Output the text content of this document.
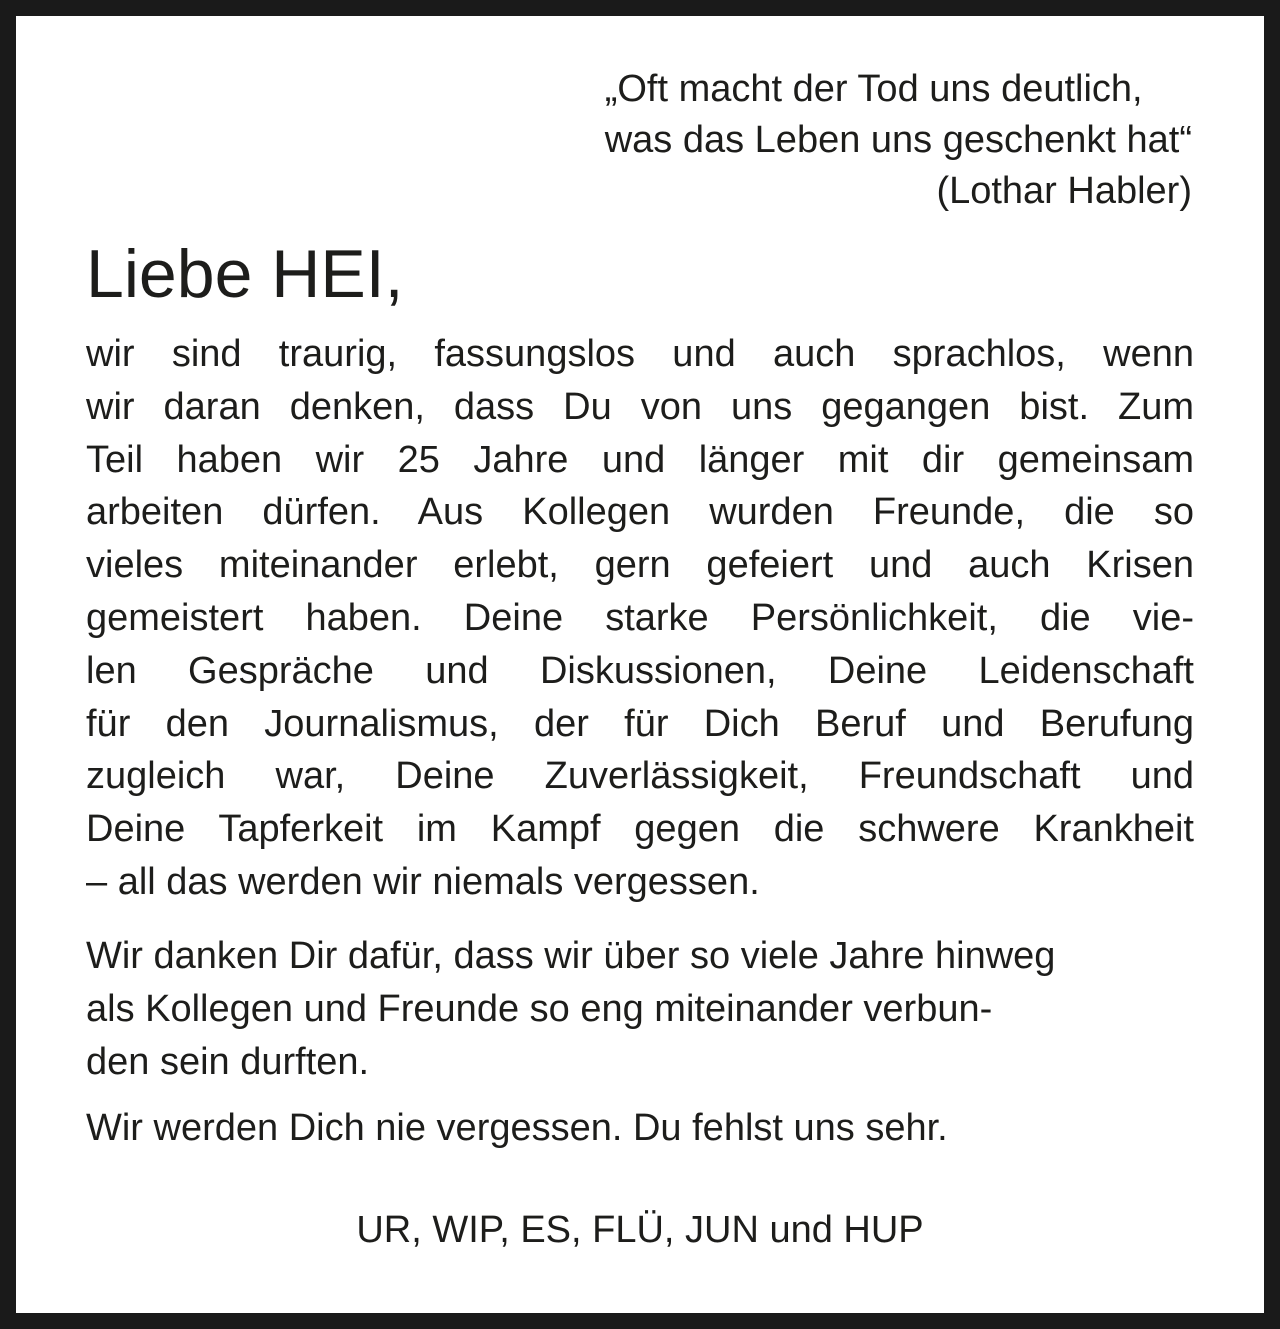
„Oft macht der Tod uns deutlich,
was das Leben uns geschenkt hat“
(Lothar Habler)
Liebe HEI,
wir sind traurig, fassungslos und auch sprachlos, wenn
wir daran denken, dass Du von uns gegangen bist. Zum
Teil haben wir 25 Jahre und länger mit dir gemeinsam
arbeiten dürfen. Aus Kollegen wurden Freunde, die so
vieles miteinander erlebt, gern gefeiert und auch Krisen
gemeistert haben. Deine starke Persönlichkeit, die vie-
len Gespräche und Diskussionen, Deine Leidenschaft
für den Journalismus, der für Dich Beruf und Berufung
zugleich war, Deine Zuverlässigkeit, Freundschaft und
Deine Tapferkeit im Kampf gegen die schwere Krankheit
– all das werden wir niemals vergessen.
Wir danken Dir dafür, dass wir über so viele Jahre hinweg
als Kollegen und Freunde so eng miteinander verbun-
den sein durften.
Wir werden Dich nie vergessen. Du fehlst uns sehr.
UR, WIP, ES, FLÜ, JUN und HUP
